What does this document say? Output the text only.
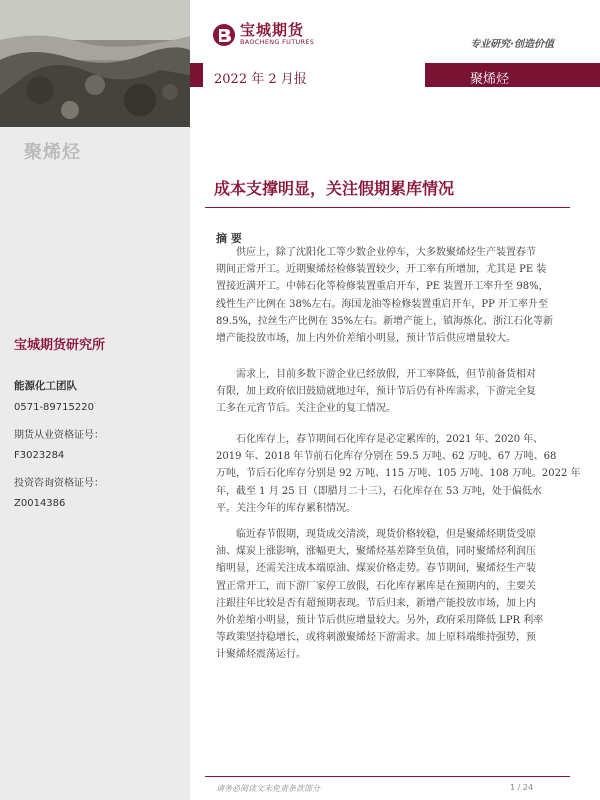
聚烯烃
宝城期货研究所
能源化工团队
0571-89715220
期货从业资格证号：
F3023284
投资咨询资格证号：
Z0014386
宝城期货
BAOCHENG FUTURES	专业研究·创造价值
2022 年 2 月报	聚烯烃
成本支撑明显，关注假期累库情况
摘 要
供应上，除了沈阳化工等少数企业停车，大多数聚烯烃生产装置春节
期间正常开工。近期聚烯烃检修装置较少，开工率有所增加，尤其是 PE 装
置接近满开工。中韩石化等检修装置重启开车，PE 装置开工率升至 98%，
线性生产比例在 38%左右。海国龙油等检修装置重启开车，PP 开工率升至
89.5%，拉丝生产比例在 35%左右。新增产能上，镇海炼化、浙江石化等新
增产能投放市场，加上内外价差缩小明显，预计节后供应增量较大。
需求上，目前多数下游企业已经放假，开工率降低，但节前备货相对
有限，加上政府依旧鼓励就地过年，预计节后仍有补库需求，下游完全复
工多在元宵节后。关注企业的复工情况。
石化库存上，春节期间石化库存是必定累库的，2021 年、2020 年、
2019 年、2018 年节前石化库存分别在 59.5 万吨、62 万吨、67 万吨、68
万吨，节后石化库存分别是 92 万吨、115 万吨、105 万吨、108 万吨。2022 年
年，截至 1 月 25 日（即腊月二十三），石化库存在 53 万吨，处于偏低水
平。关注今年的库存累积情况。
临近春节假期，现货成交清淡，现货价格较稳，但是聚烯烃期货受原
油、煤炭上涨影响，涨幅更大，聚烯烃基差降至负值，同时聚烯烃利润压
缩明显，还需关注成本端原油、煤炭价格走势。春节期间，聚烯烃生产装
置正常开工，而下游厂家停工放假，石化库存累库是在预期内的，主要关
注跟往年比较是否有超预期表现。节后归来，新增产能投放市场，加上内
外价差缩小明显，预计节后供应增量较大。另外，政府采用降低 LPR 利率
等政策坚持稳增长，或将刺激聚烯烃下游需求。加上原料端维持强势，预
计聚烯烃震荡运行。
请务必阅读文末免责条款部分	1 / 24
